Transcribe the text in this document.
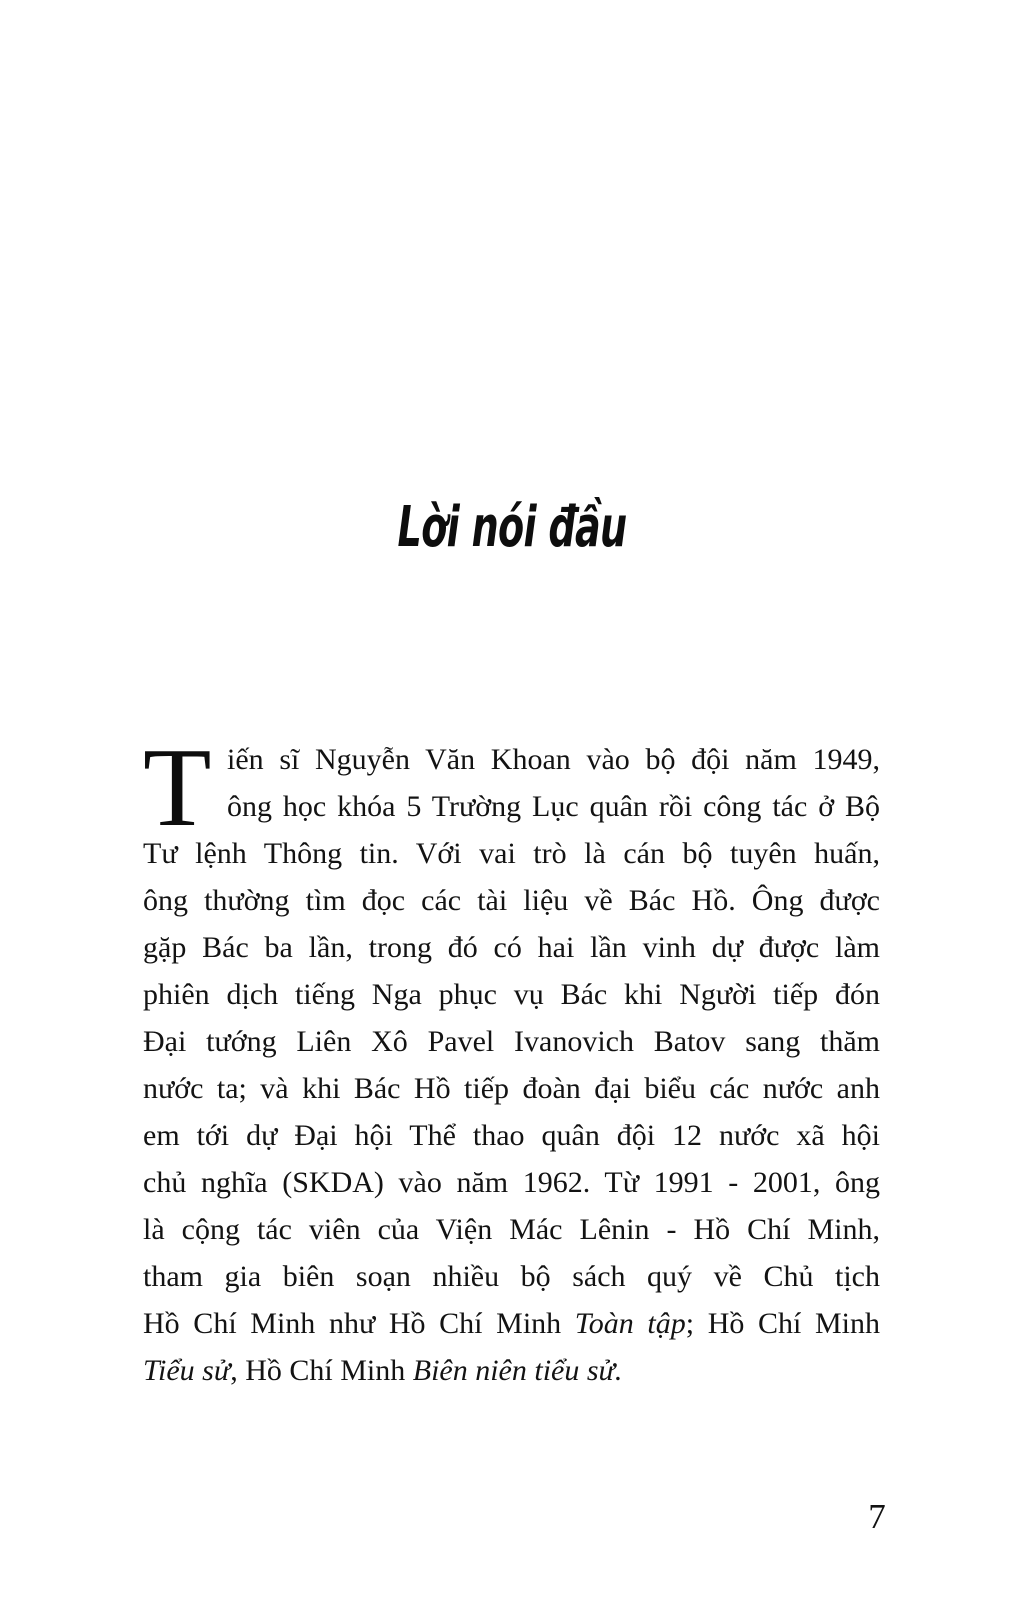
Lời nói đầu
T iến sĩ Nguyễn Văn Khoan vào bộ đội năm 1949,
ông học khóa 5 Trường Lục quân rồi công tác ở Bộ
Tư lệnh Thông tin. Với vai trò là cán bộ tuyên huấn,
ông thường tìm đọc các tài liệu về Bác Hồ. Ông được
gặp Bác ba lần, trong đó có hai lần vinh dự được làm
phiên dịch tiếng Nga phục vụ Bác khi Người tiếp đón
Đại tướng Liên Xô Pavel Ivanovich Batov sang thăm
nước ta; và khi Bác Hồ tiếp đoàn đại biểu các nước anh
em tới dự Đại hội Thể thao quân đội 12 nước xã hội
chủ nghĩa (SKDA) vào năm 1962. Từ 1991 - 2001, ông
là cộng tác viên của Viện Mác Lênin - Hồ Chí Minh,
tham gia biên soạn nhiều bộ sách quý về Chủ tịch
Hồ Chí Minh như Hồ Chí Minh Toàn tập; Hồ Chí Minh
Tiểu sử, Hồ Chí Minh Biên niên tiểu sử.
7
